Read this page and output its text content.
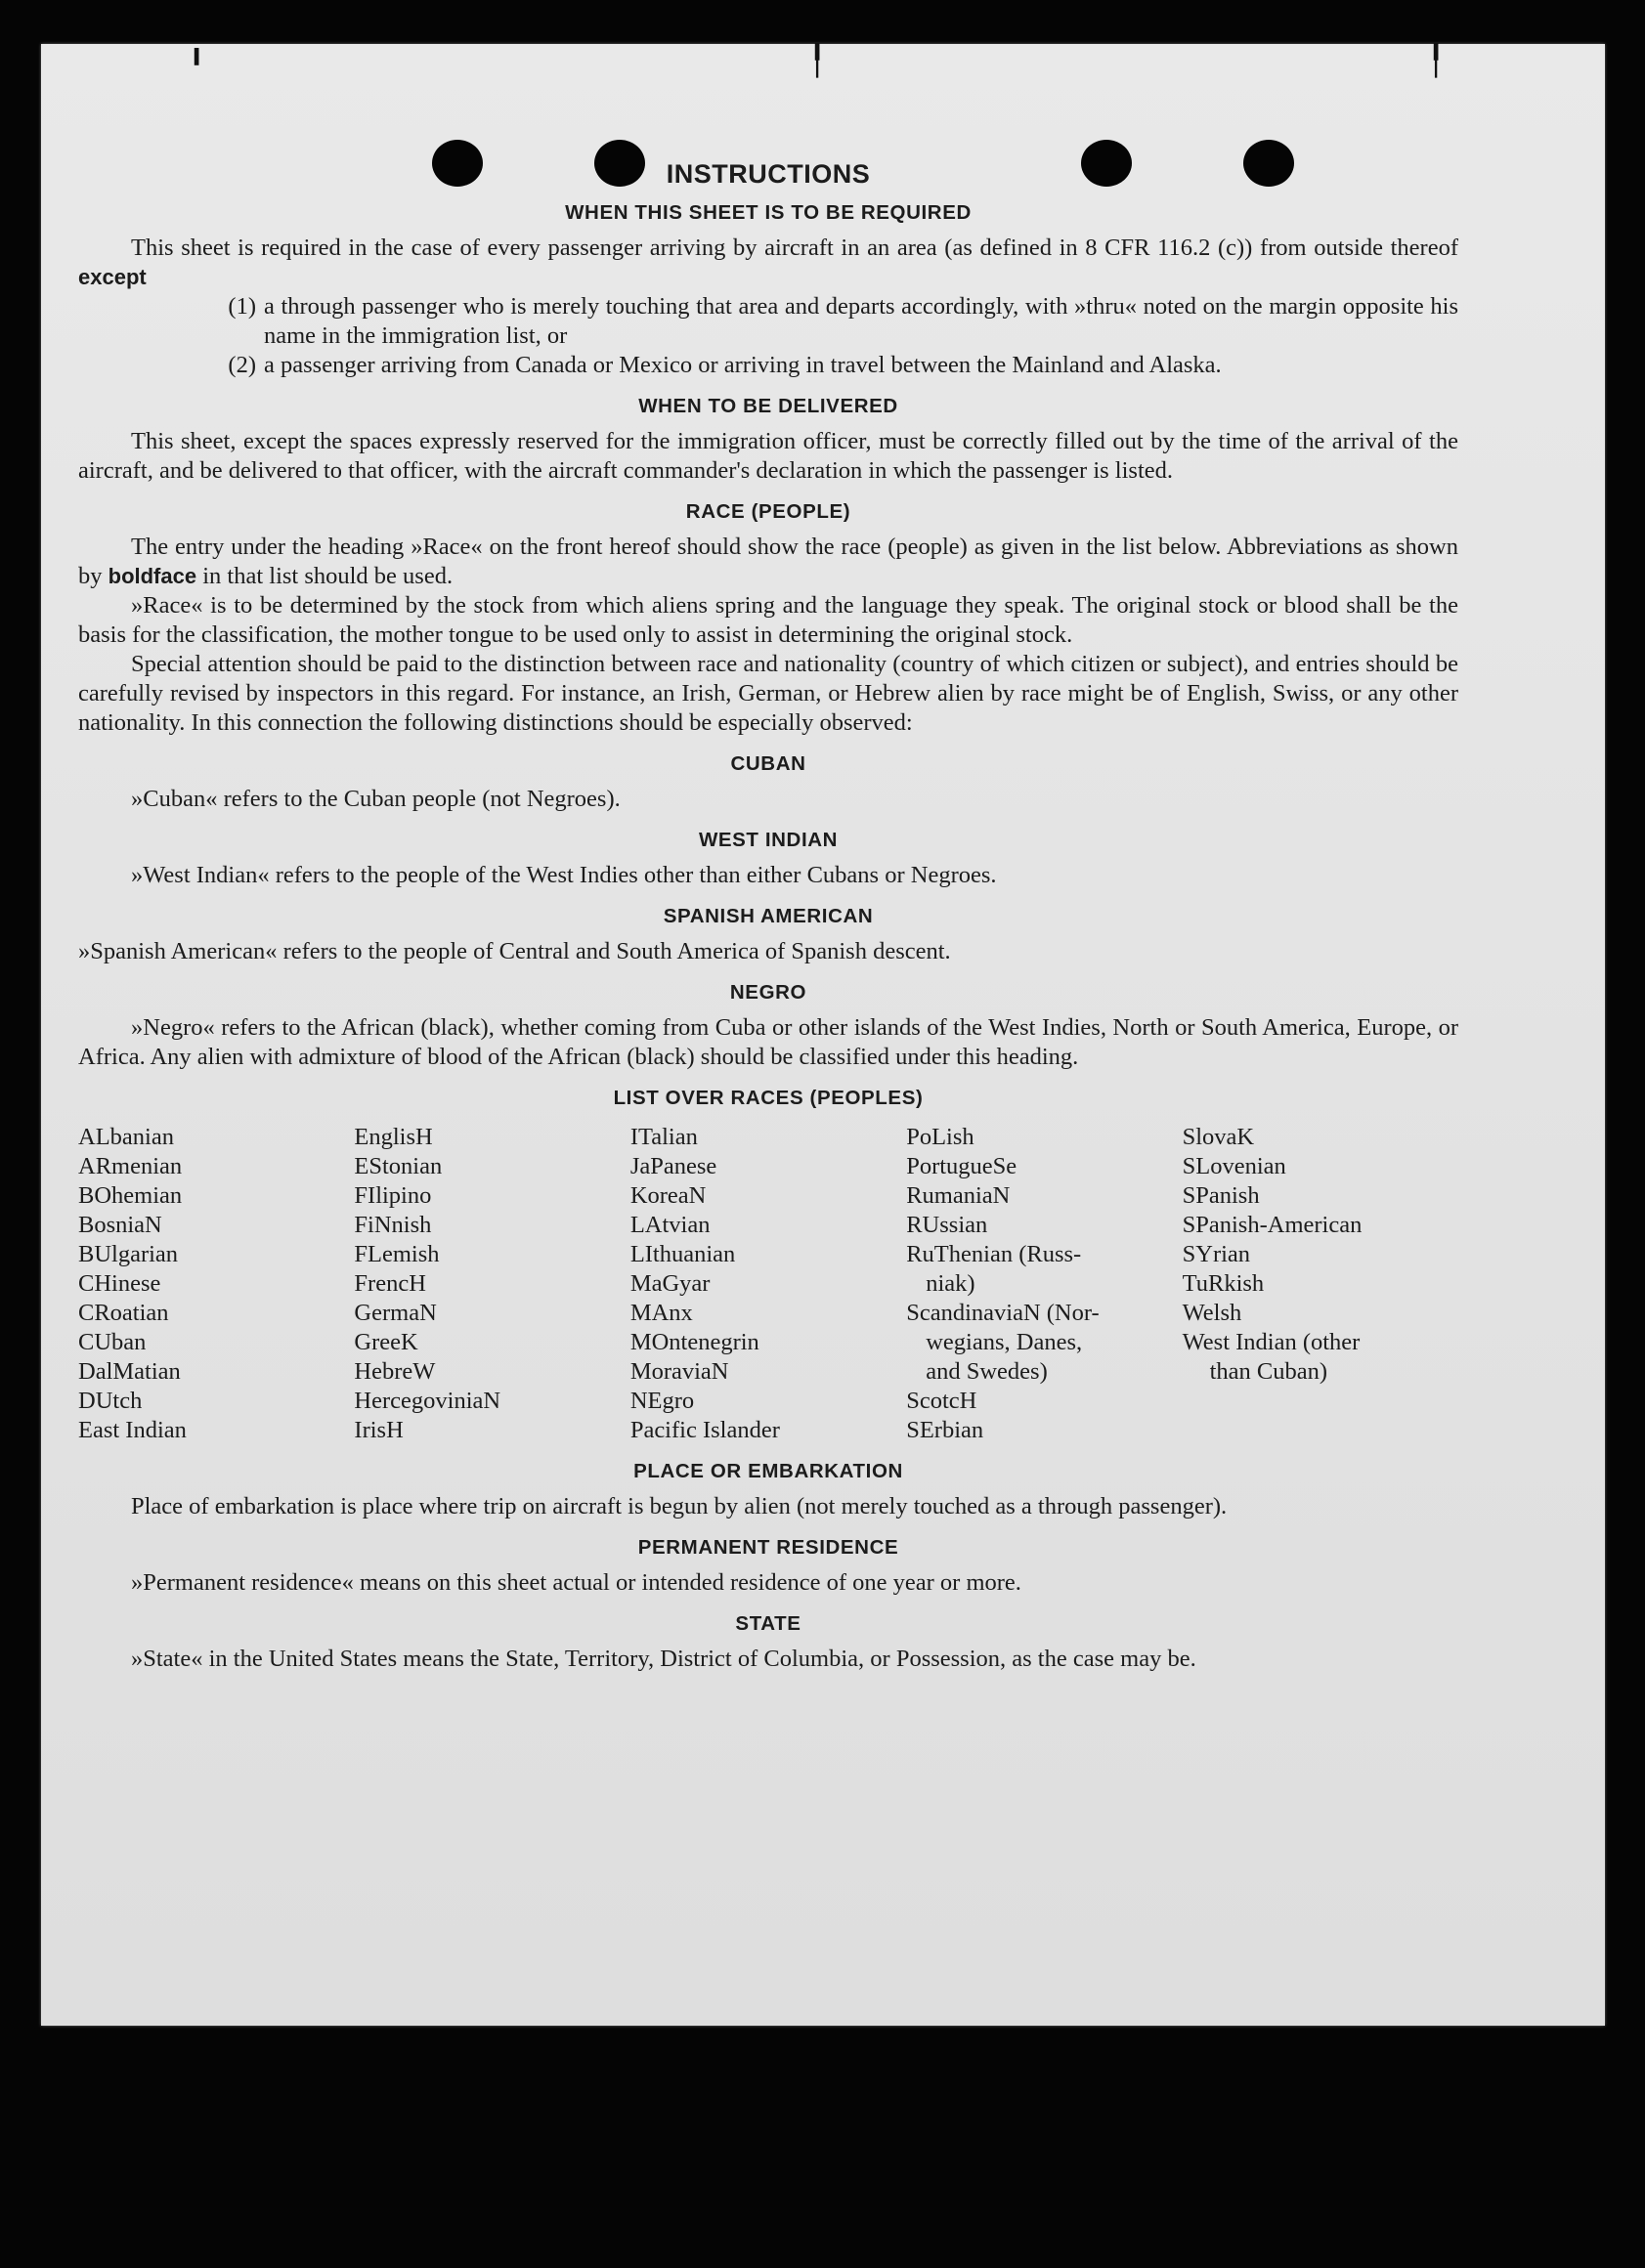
╹	╿	╿
INSTRUCTIONS
WHEN THIS SHEET IS TO BE REQUIRED

This sheet is required in the case of every passenger arriving by aircraft in an area (as defined in 8 CFR 116.2 (c)) from outside thereof except

(1) a through passenger who is merely touching that area and departs accordingly, with »thru« noted on the margin opposite his name in the immigration list, or

(2) a passenger arriving from Canada or Mexico or arriving in travel between the Mainland and Alaska.

WHEN TO BE DELIVERED

This sheet, except the spaces expressly reserved for the immigration officer, must be correctly filled out by the time of the arrival of the aircraft, and be delivered to that officer, with the aircraft commander's declaration in which the passenger is listed.

RACE (PEOPLE)

The entry under the heading »Race« on the front hereof should show the race (people) as given in the list below. Abbreviations as shown by boldface in that list should be used.

»Race« is to be determined by the stock from which aliens spring and the language they speak. The original stock or blood shall be the basis for the classification, the mother tongue to be used only to assist in determining the original stock.

Special attention should be paid to the distinction between race and nationality (country of which citizen or subject), and entries should be carefully revised by inspectors in this regard. For instance, an Irish, German, or Hebrew alien by race might be of English, Swiss, or any other nationality. In this connection the following distinctions should be especially observed:

CUBAN

»Cuban« refers to the Cuban people (not Negroes).

WEST INDIAN

»West Indian« refers to the people of the West Indies other than either Cubans or Negroes.

SPANISH AMERICAN

»Spanish American« refers to the people of Central and South America of Spanish descent.

NEGRO

»Negro« refers to the African (black), whether coming from Cuba or other islands of the West Indies, North or South America, Europe, or Africa. Any alien with admixture of blood of the African (black) should be classified under this heading.

LIST OVER RACES (PEOPLES)
ALbanian
ARmenian
BOhemian
BosniaN
BUlgarian
CHinese
CRoatian
CUban
DalMatian
DUtch
East Indian
EnglisH
EStonian
FIlipino
FiNnish
FLemish
FrencH
GermaN
GreeK
HebreW
HercegoviniaN
IrisH
ITalian
JaPanese
KoreaN
LAtvian
LIthuanian
MaGyar
MAnx
MOntenegrin
MoraviaN
NEgro
Pacific Islander
PoLish
PortugueSe
RumaniaN
RUssian
RuThenian (Russ-
niak)
ScandinaviaN (Nor-
wegians, Danes,
and Swedes)
ScotcH
SErbian
SlovaK
SLovenian
SPanish
SPanish-American
SYrian
TuRkish
Welsh
West Indian (other
than Cuban)
PLACE OR EMBARKATION

Place of embarkation is place where trip on aircraft is begun by alien (not merely touched as a through passenger).

PERMANENT RESIDENCE

»Permanent residence« means on this sheet actual or intended residence of one year or more.

STATE

»State« in the United States means the State, Territory, District of Columbia, or Possession, as the case may be.
